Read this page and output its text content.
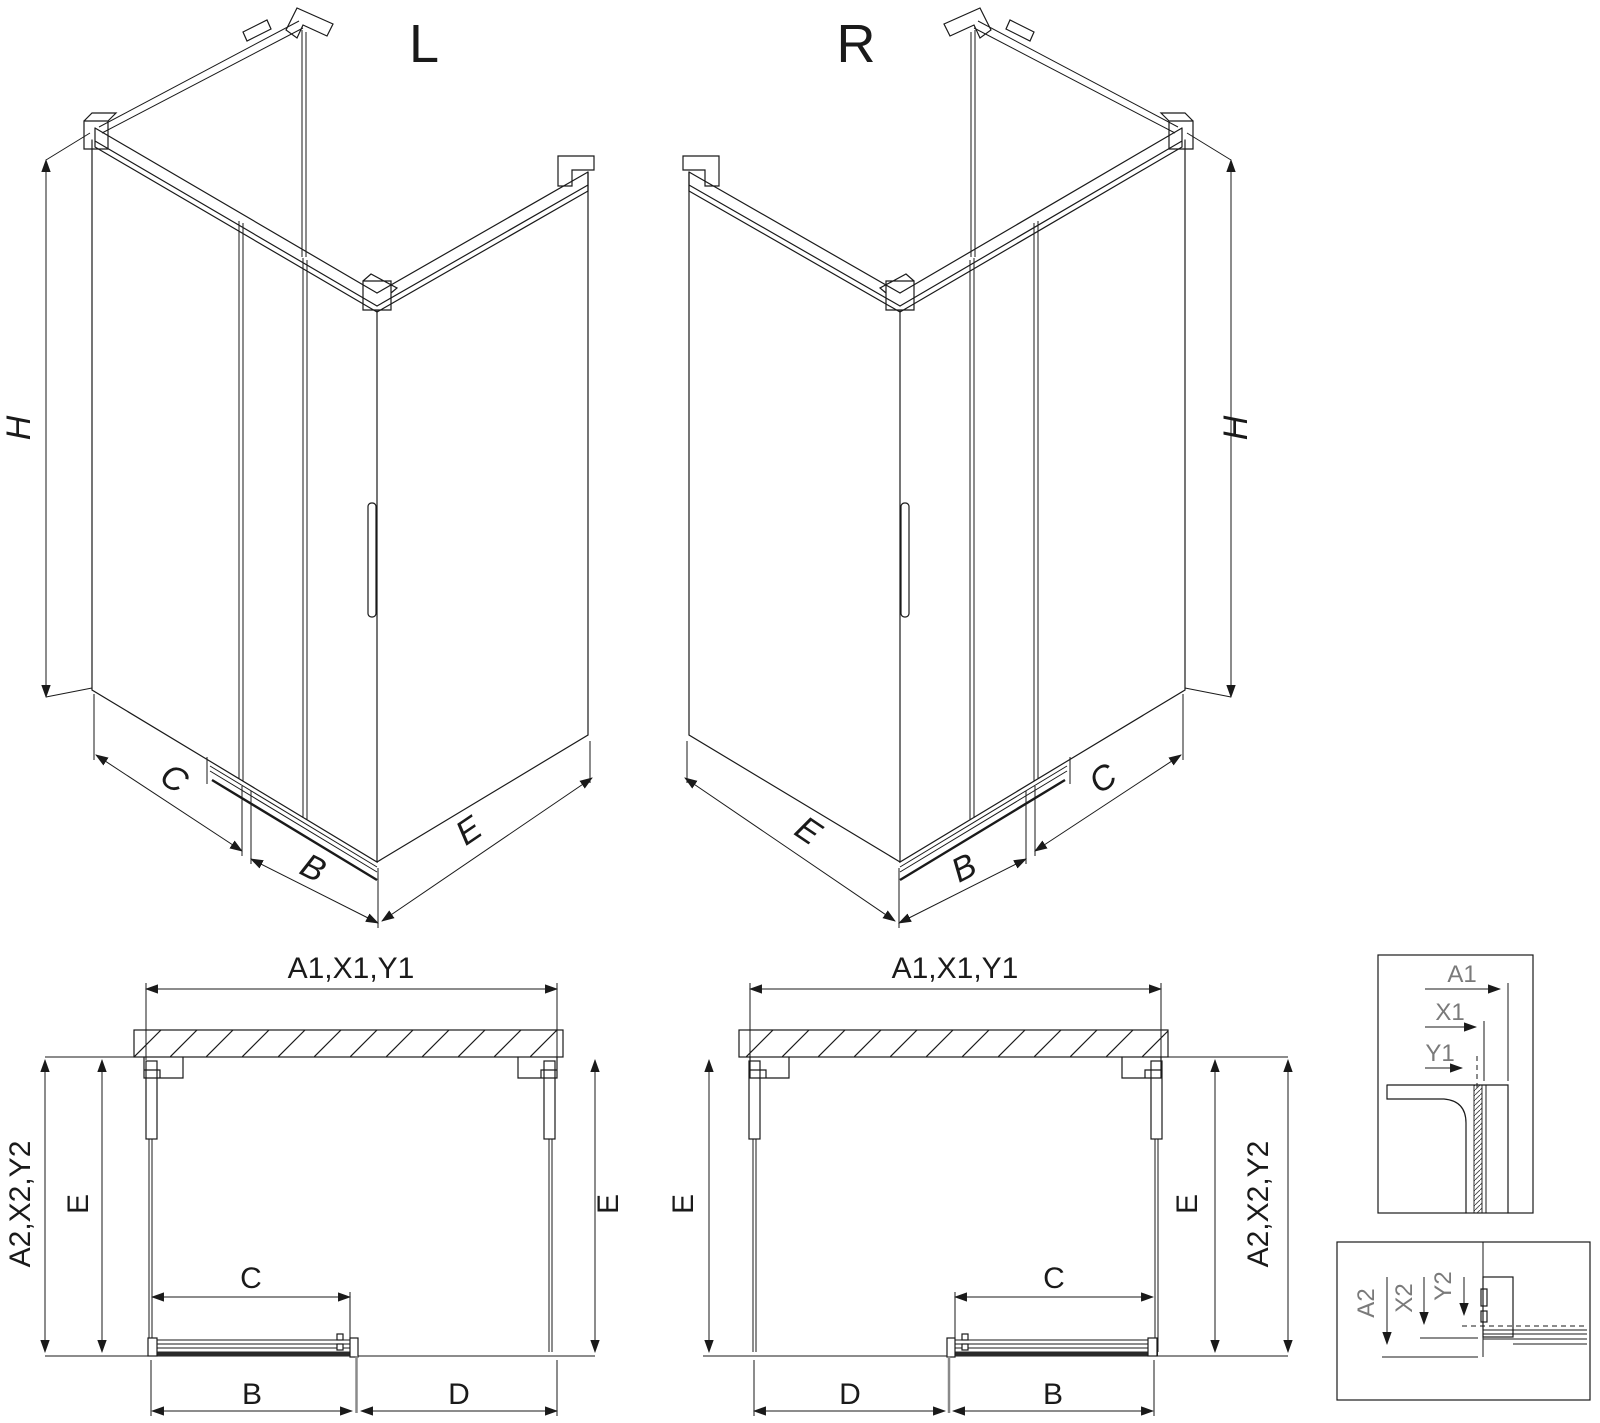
L
H
C
B
E
R
H
C
B
E
A1,X1,Y1
A2,X2,Y2 E	E
C
B	D
A1,X1,Y1
E	E A2,X2,Y2
C
D	B
A1
X1
Y1
A2 X2 Y2
